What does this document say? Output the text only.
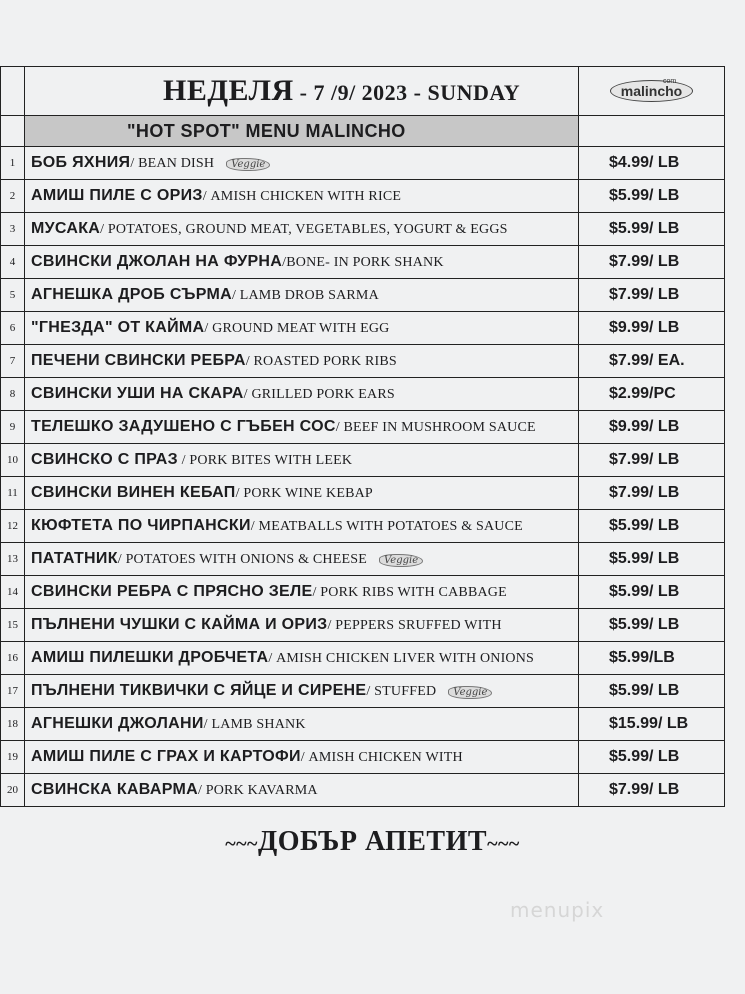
	НЕДЕЛЯ - 7 /9/ 2023 - SUNDAY	com
malincho
	"HOT SPOT" MENU MALINCHO	
1	БОБ ЯХНИЯ/ BEAN DISH Veggie	$4.99/ LB
2	АМИШ ПИЛЕ С ОРИЗ/ AMISH CHICKEN WITH RICE	$5.99/ LB
3	МУСАКА/ POTATOES, GROUND MEAT, VEGETABLES, YOGURT & EGGS	$5.99/ LB
4	СВИНСКИ ДЖОЛАН НА ФУРНА/BONE- IN PORK SHANK	$7.99/ LB
5	АГНЕШКА ДРОБ СЪРМА/ LAMB DROB SARMA	$7.99/ LB
6	"ГНЕЗДА" ОТ КАЙМА/ GROUND MEAT WITH EGG	$9.99/ LB
7	ПЕЧЕНИ СВИНСКИ РЕБРА/ ROASTED PORK RIBS	$7.99/ EA.
8	СВИНСКИ УШИ НА СКАРА/ GRILLED PORK EARS	$2.99/PC
9	ТЕЛЕШКО ЗАДУШЕНО С ГЪБЕН СОС/ BEEF IN MUSHROOM SAUCE	$9.99/ LB
10	СВИНСКО С ПРАЗ / PORK BITES WITH LEEK	$7.99/ LB
11	СВИНСКИ ВИНЕН КЕБАП/ PORK WINE KEBAP	$7.99/ LB
12	КЮФТЕТА ПО ЧИРПАНСКИ/ MEATBALLS WITH POTATOES & SAUCE	$5.99/ LB
13	ПАТАТНИК/ POTATOES WITH ONIONS & CHEESE Veggie	$5.99/ LB
14	СВИНСКИ РЕБРА С ПРЯСНО ЗЕЛЕ/ PORK RIBS WITH CABBAGE	$5.99/ LB
15	ПЪЛНЕНИ ЧУШКИ С КАЙМА И ОРИЗ/ PEPPERS SRUFFED WITH	$5.99/ LB
16	АМИШ ПИЛЕШКИ ДРОБЧЕТА/ AMISH CHICKEN LIVER WITH ONIONS	$5.99/LB
17	ПЪЛНЕНИ ТИКВИЧКИ С ЯЙЦЕ И СИРЕНЕ/ STUFFED Veggie	$5.99/ LB
18	АГНЕШКИ ДЖОЛАНИ/ LAMB SHANK	$15.99/ LB
19	АМИШ ПИЛЕ С ГРАХ И КАРТОФИ/ AMISH CHICKEN WITH	$5.99/ LB
20	СВИНСКА КАВАРМА/ PORK KAVARMA	$7.99/ LB
~~~ДОБЪР АПЕТИТ~~~
menupix
